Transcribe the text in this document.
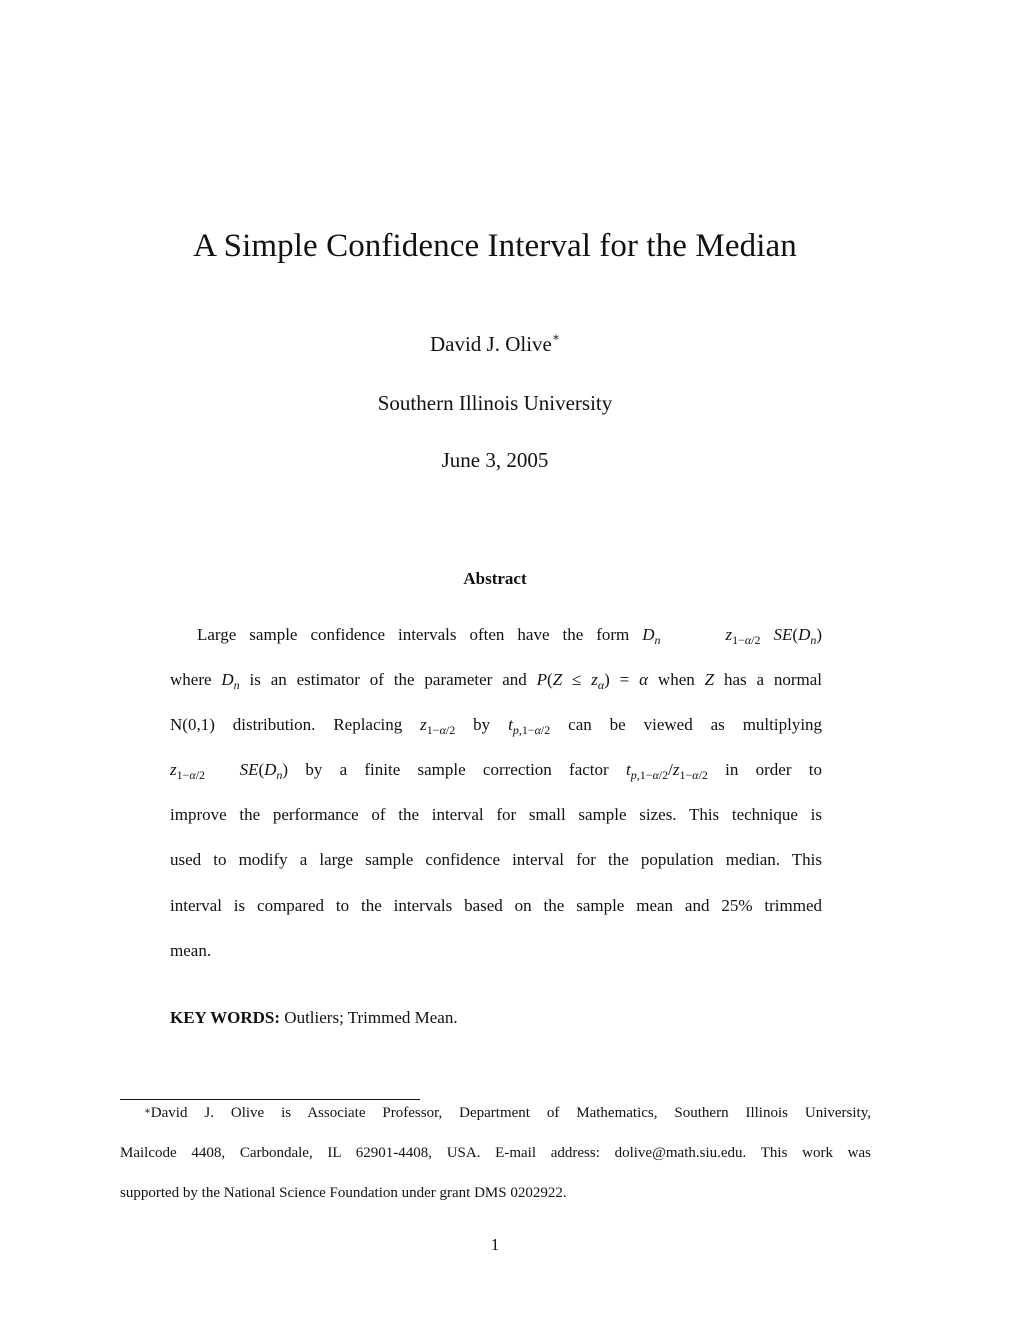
A Simple Confidence Interval for the Median
David J. Olive∗
Southern Illinois University
June 3, 2005
Abstract
Large sample confidence intervals often have the form $D_n$	$z_{1-\alpha/2}$ $SE(D_n)$
where $D_n$ is an estimator of the parameter and $P(Z \le z_\alpha) = \alpha$ when Z has a normal
N(0,1) distribution. Replacing $z_{1-\alpha/2}$ by $t_{p,1-\alpha/2}$ can be viewed as multiplying
$z_{1-\alpha/2}$ $SE(D_n)$ by a finite sample correction factor $t_{p,1-\alpha/2}/z_{1-\alpha/2}$ in order to
improve the performance of the interval for small sample sizes. This technique is
used to modify a large sample confidence interval for the population median. This
interval is compared to the intervals based on the sample mean and 25% trimmed
mean.
KEY WORDS: Outliers; Trimmed Mean.
∗David J. Olive is Associate Professor, Department of Mathematics, Southern Illinois University,
Mailcode 4408, Carbondale, IL 62901-4408, USA. E-mail address: dolive@math.siu.edu. This work was
supported by the National Science Foundation under grant DMS 0202922.
1
